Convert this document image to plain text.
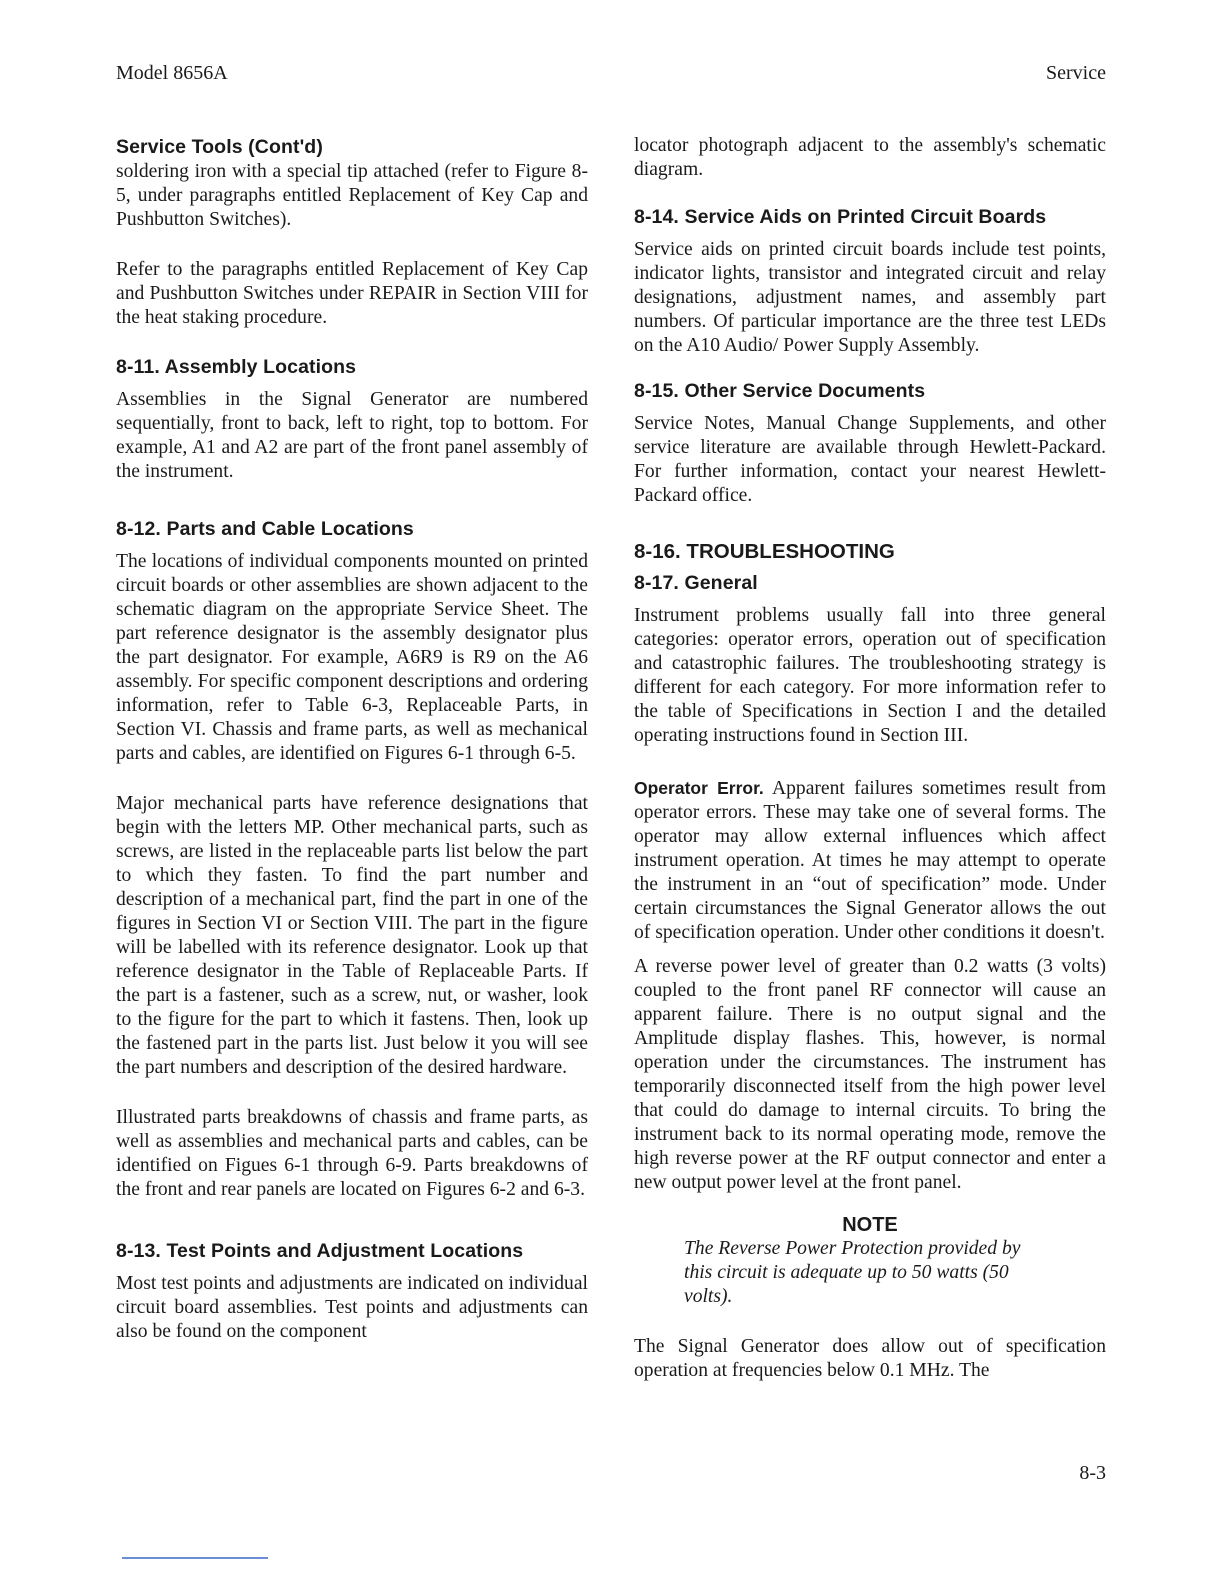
Model 8656A	Service
Service Tools (Cont'd)

soldering iron with a special tip attached (refer to Figure 8-5, under paragraphs entitled Replacement of Key Cap and Pushbutton Switches).

Refer to the paragraphs entitled Replacement of Key Cap and Pushbutton Switches under REPAIR in Section VIII for the heat staking procedure.

8-11. Assembly Locations

Assemblies in the Signal Generator are numbered sequentially, front to back, left to right, top to bottom. For example, A1 and A2 are part of the front panel assembly of the instrument.

8-12. Parts and Cable Locations

The locations of individual components mounted on printed circuit boards or other assemblies are shown adjacent to the schematic diagram on the appropriate Service Sheet. The part reference designator is the assembly designator plus the part designator. For example, A6R9 is R9 on the A6 assembly. For specific component descriptions and ordering information, refer to Table 6-3, Replaceable Parts, in Section VI. Chassis and frame parts, as well as mechanical parts and cables, are identified on Figures 6-1 through 6-5.

Major mechanical parts have reference designations that begin with the letters MP. Other mechanical parts, such as screws, are listed in the replaceable parts list below the part to which they fasten. To find the part number and description of a mechanical part, find the part in one of the figures in Section VI or Section VIII. The part in the figure will be labelled with its reference designator. Look up that reference designator in the Table of Replaceable Parts. If the part is a fastener, such as a screw, nut, or washer, look to the figure for the part to which it fastens. Then, look up the fastened part in the parts list. Just below it you will see the part numbers and description of the desired hardware.

Illustrated parts breakdowns of chassis and frame parts, as well as assemblies and mechanical parts and cables, can be identified on Figues 6-1 through 6-9. Parts breakdowns of the front and rear panels are located on Figures 6-2 and 6-3.

8-13. Test Points and Adjustment Locations

Most test points and adjustments are indicated on individual circuit board assemblies. Test points and adjustments can also be found on the component

locator photograph adjacent to the assembly's schematic diagram.

8-14. Service Aids on Printed Circuit Boards

Service aids on printed circuit boards include test points, indicator lights, transistor and integrated circuit and relay designations, adjustment names, and assembly part numbers. Of particular importance are the three test LEDs on the A10 Audio/ Power Supply Assembly.

8-15. Other Service Documents

Service Notes, Manual Change Supplements, and other service literature are available through Hewlett-Packard. For further information, contact your nearest Hewlett-Packard office.

8-16. TROUBLESHOOTING
8-17. General

Instrument problems usually fall into three general categories: operator errors, operation out of specification and catastrophic failures. The troubleshooting strategy is different for each category. For more information refer to the table of Specifications in Section I and the detailed operating instructions found in Section III.

Operator Error. Apparent failures sometimes result from operator errors. These may take one of several forms. The operator may allow external influences which affect instrument operation. At times he may attempt to operate the instrument in an “out of specification” mode. Under certain circumstances the Signal Generator allows the out of specification operation. Under other conditions it doesn't.

A reverse power level of greater than 0.2 watts (3 volts) coupled to the front panel RF connector will cause an apparent failure. There is no output signal and the Amplitude display flashes. This, however, is normal operation under the circumstances. The instrument has temporarily disconnected itself from the high power level that could do damage to internal circuits. To bring the instrument back to its normal operating mode, remove the high reverse power at the RF output connector and enter a new output power level at the front panel.

NOTE
The Reverse Power Protection provided by this circuit is adequate up to 50 watts (50 volts).

The Signal Generator does allow out of specification operation at frequencies below 0.1 MHz. The

8-3
